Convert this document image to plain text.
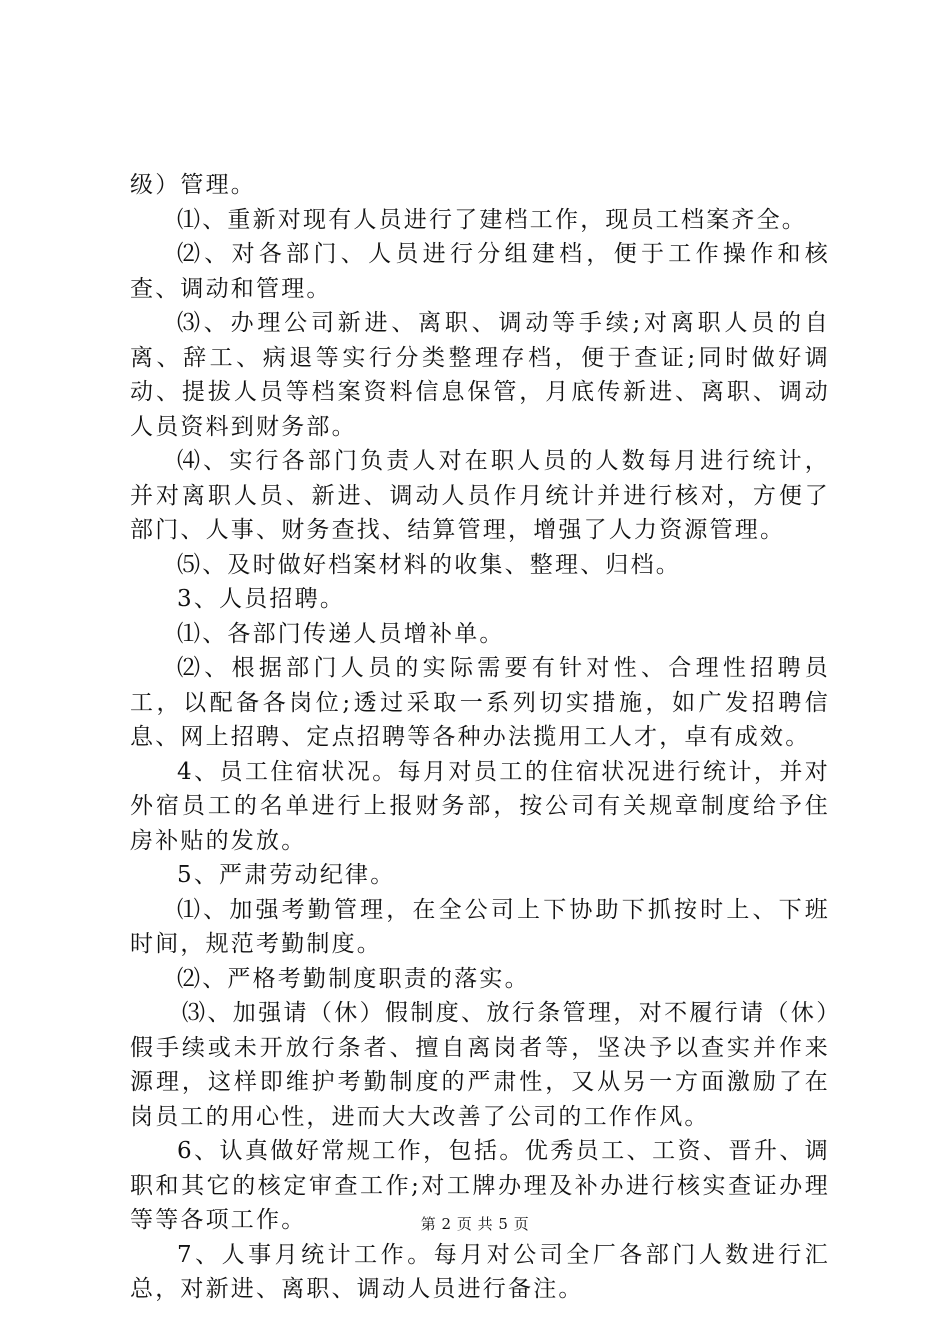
级）管理。

⑴、重新对现有人员进行了建档工作，现员工档案齐全。

⑵、对各部门、人员进行分组建档，便于工作操作和核查、调动和管理。

⑶、办理公司新进、离职、调动等手续;对离职人员的自离、辞工、病退等实行分类整理存档，便于查证;同时做好调动、提拔人员等档案资料信息保管，月底传新进、离职、调动人员资料到财务部。

⑷、实行各部门负责人对在职人员的人数每月进行统计，并对离职人员、新进、调动人员作月统计并进行核对，方便了部门、人事、财务查找、结算管理，增强了人力资源管理。

⑸、及时做好档案材料的收集、整理、归档。

3、人员招聘。

⑴、各部门传递人员增补单。

⑵、根据部门人员的实际需要有针对性、合理性招聘员工，以配备各岗位;透过采取一系列切实措施，如广发招聘信息、网上招聘、定点招聘等各种办法揽用工人才，卓有成效。

4、员工住宿状况。每月对员工的住宿状况进行统计，并对外宿员工的名单进行上报财务部，按公司有关规章制度给予住房补贴的发放。

5、严肃劳动纪律。

⑴、加强考勤管理，在全公司上下协助下抓按时上、下班时间，规范考勤制度。

⑵、严格考勤制度职责的落实。

⑶、加强请（休）假制度、放行条管理，对不履行请（休）假手续或未开放行条者、擅自离岗者等，坚决予以查实并作来源理，这样即维护考勤制度的严肃性，又从另一方面激励了在岗员工的用心性，进而大大改善了公司的工作作风。

6、认真做好常规工作，包括。优秀员工、工资、晋升、调职和其它的核定审查工作;对工牌办理及补办进行核实查证办理等等各项工作。

7、人事月统计工作。每月对公司全厂各部门人数进行汇总，对新进、离职、调动人员进行备注。

第 2 页 共 5 页
